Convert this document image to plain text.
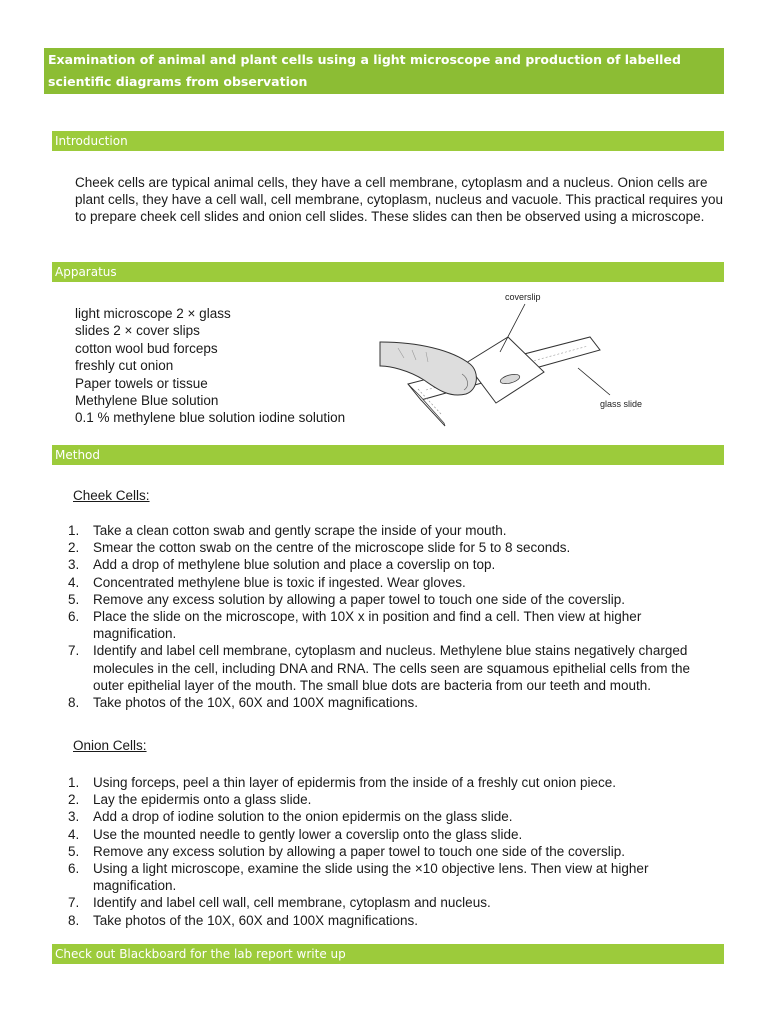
Examination of animal and plant cells using a light microscope and production of labelled scientific diagrams from observation
Introduction
Cheek cells are typical animal cells, they have a cell membrane, cytoplasm and a nucleus. Onion cells are plant cells, they have a cell wall, cell membrane, cytoplasm, nucleus and vacuole. This practical requires you to prepare cheek cell slides and onion cell slides. These slides can then be observed using a microscope.
Apparatus
light microscope 2 × glass
slides 2 × cover slips
cotton wool bud forceps
freshly cut onion
Paper towels or tissue
Methylene Blue solution
0.1 % methylene blue solution iodine solution
coverslip
glass slide
Method
Cheek Cells:
1. Take a clean cotton swab and gently scrape the inside of your mouth.
2. Smear the cotton swab on the centre of the microscope slide for 5 to 8 seconds.
3. Add a drop of methylene blue solution and place a coverslip on top.
4. Concentrated methylene blue is toxic if ingested. Wear gloves.
5. Remove any excess solution by allowing a paper towel to touch one side of the coverslip.
6. Place the slide on the microscope, with 10X x in position and find a cell. Then view at higher magnification.
7. Identify and label cell membrane, cytoplasm and nucleus. Methylene blue stains negatively charged molecules in the cell, including DNA and RNA. The cells seen are squamous epithelial cells from the outer epithelial layer of the mouth. The small blue dots are bacteria from our teeth and mouth.
8. Take photos of the 10X, 60X and 100X magnifications.
Onion Cells:
1. Using forceps, peel a thin layer of epidermis from the inside of a freshly cut onion piece.
2. Lay the epidermis onto a glass slide.
3. Add a drop of iodine solution to the onion epidermis on the glass slide.
4. Use the mounted needle to gently lower a coverslip onto the glass slide.
5. Remove any excess solution by allowing a paper towel to touch one side of the coverslip.
6. Using a light microscope, examine the slide using the ×10 objective lens. Then view at higher magnification.
7. Identify and label cell wall, cell membrane, cytoplasm and nucleus.
8. Take photos of the 10X, 60X and 100X magnifications.
Check out Blackboard for the lab report write up
